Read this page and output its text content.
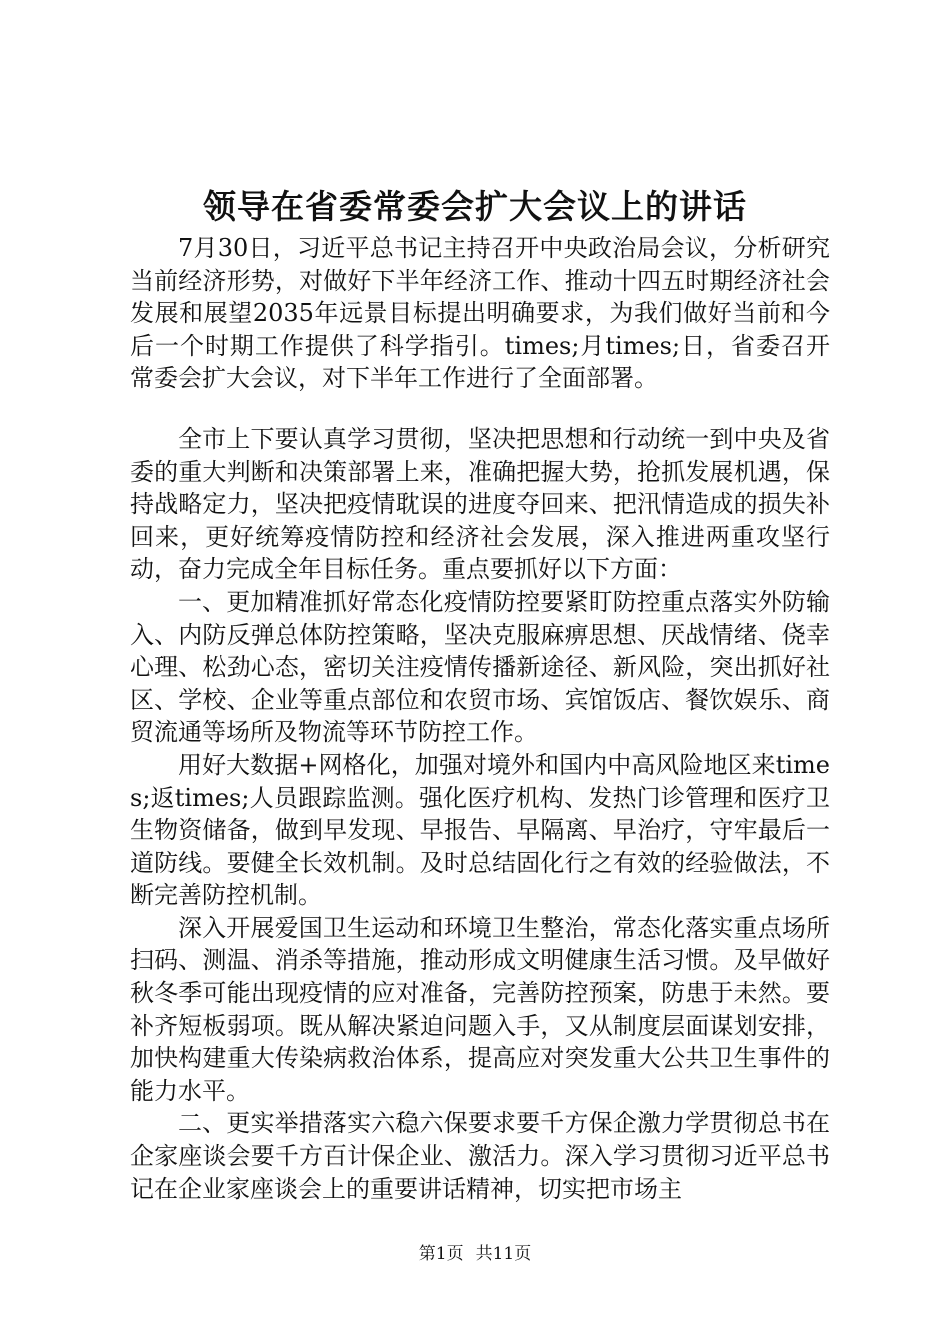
领导在省委常委会扩大会议上的讲话

7月30日，习近平总书记主持召开中央政治局会议，分析研究当前经济形势，对做好下半年经济工作、推动十四五时期经济社会发展和展望2035年远景目标提出明确要求，为我们做好当前和今后一个时期工作提供了科学指引。times;月times;日，省委召开常委会扩大会议，对下半年工作进行了全面部署。

全市上下要认真学习贯彻，坚决把思想和行动统一到中央及省委的重大判断和决策部署上来，准确把握大势，抢抓发展机遇，保持战略定力，坚决把疫情耽误的进度夺回来、把汛情造成的损失补回来，更好统筹疫情防控和经济社会发展，深入推进两重攻坚行动，奋力完成全年目标任务。重点要抓好以下方面：

一、更加精准抓好常态化疫情防控要紧盯防控重点落实外防输入、内防反弹总体防控策略，坚决克服麻痹思想、厌战情绪、侥幸心理、松劲心态，密切关注疫情传播新途径、新风险，突出抓好社区、学校、企业等重点部位和农贸市场、宾馆饭店、餐饮娱乐、商贸流通等场所及物流等环节防控工作。

用好大数据+网格化，加强对境外和国内中高风险地区来times;返times;人员跟踪监测。强化医疗机构、发热门诊管理和医疗卫生物资储备，做到早发现、早报告、早隔离、早治疗，守牢最后一道防线。要健全长效机制。及时总结固化行之有效的经验做法，不断完善防控机制。

深入开展爱国卫生运动和环境卫生整治，常态化落实重点场所扫码、测温、消杀等措施，推动形成文明健康生活习惯。及早做好秋冬季可能出现疫情的应对准备，完善防控预案，防患于未然。要补齐短板弱项。既从解决紧迫问题入手，又从制度层面谋划安排，加快构建重大传染病救治体系，提高应对突发重大公共卫生事件的能力水平。

二、更实举措落实六稳六保要求要千方保企激力学贯彻总书在企家座谈会要千方百计保企业、激活力。深入学习贯彻习近平总书记在企业家座谈会上的重要讲话精神，切实把市场主

第1页 共11页
